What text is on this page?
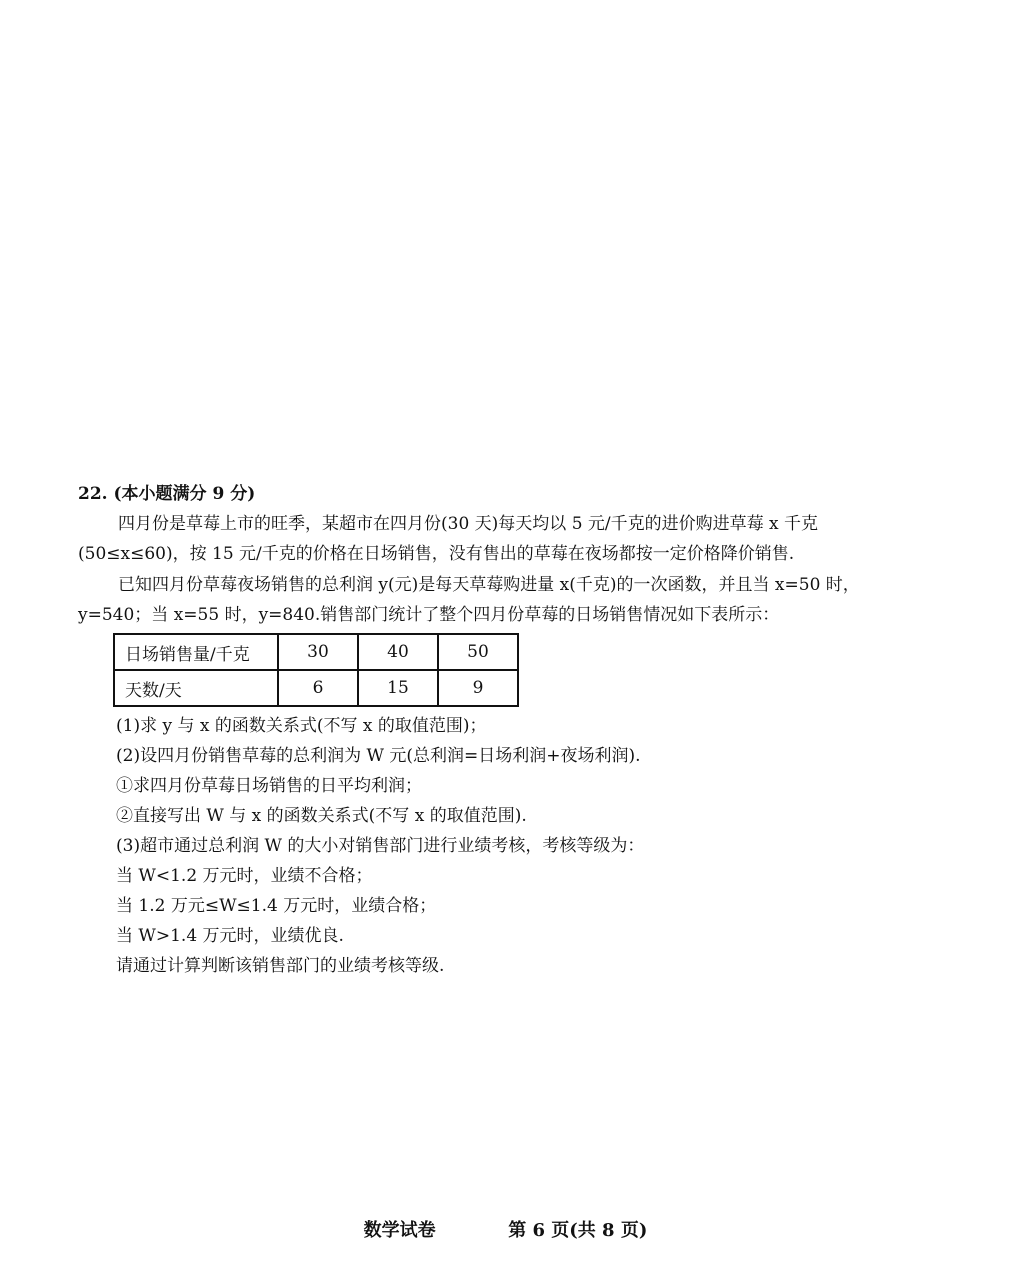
22. (本小题满分 9 分)
四月份是草莓上市的旺季，某超市在四月份(30 天)每天均以 5 元/千克的进价购进草莓 x 千克
(50≤x≤60)，按 15 元/千克的价格在日场销售，没有售出的草莓在夜场都按一定价格降价销售.
已知四月份草莓夜场销售的总利润 y(元)是每天草莓购进量 x(千克)的一次函数，并且当 x=50 时，
y=540；当 x=55 时，y=840.销售部门统计了整个四月份草莓的日场销售情况如下表所示：
日场销售量/千克	30	40	50
天数/天	6	15	9
(1)求 y 与 x 的函数关系式(不写 x 的取值范围)；
(2)设四月份销售草莓的总利润为 W 元(总利润=日场利润+夜场利润).
①求四月份草莓日场销售的日平均利润；
②直接写出 W 与 x 的函数关系式(不写 x 的取值范围).
(3)超市通过总利润 W 的大小对销售部门进行业绩考核，考核等级为：
当 W<1.2 万元时，业绩不合格；
当 1.2 万元≤W≤1.4 万元时，业绩合格；
当 W>1.4 万元时，业绩优良.
请通过计算判断该销售部门的业绩考核等级.
数学试卷	第 6 页(共 8 页)
